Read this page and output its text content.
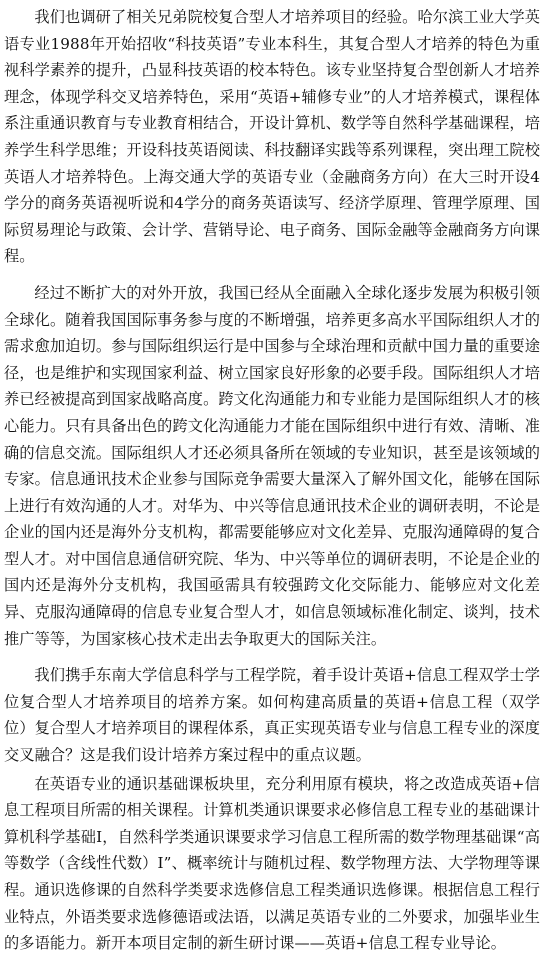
我们也调研了相关兄弟院校复合型人才培养项目的经验。哈尔滨工业大学英语专业1988年开始招收“科技英语”专业本科生，其复合型人才培养的特色为重视科学素养的提升，凸显科技英语的校本特色。该专业坚持复合型创新人才培养理念，体现学科交叉培养特色，采用“英语+辅修专业”的人才培养模式，课程体系注重通识教育与专业教育相结合，开设计算机、数学等自然科学基础课程，培养学生科学思维；开设科技英语阅读、科技翻译实践等系列课程，突出理工院校英语人才培养特色。上海交通大学的英语专业（金融商务方向）在大三时开设4学分的商务英语视听说和4学分的商务英语读写、经济学原理、管理学原理、国际贸易理论与政策、会计学、营销导论、电子商务、国际金融等金融商务方向课程。

经过不断扩大的对外开放，我国已经从全面融入全球化逐步发展为积极引领全球化。随着我国国际事务参与度的不断增强，培养更多高水平国际组织人才的需求愈加迫切。参与国际组织运行是中国参与全球治理和贡献中国力量的重要途径，也是维护和实现国家利益、树立国家良好形象的必要手段。国际组织人才培养已经被提高到国家战略高度。跨文化沟通能力和专业能力是国际组织人才的核心能力。只有具备出色的跨文化沟通能力才能在国际组织中进行有效、清晰、准确的信息交流。国际组织人才还必须具备所在领域的专业知识，甚至是该领域的专家。信息通讯技术企业参与国际竞争需要大量深入了解外国文化，能够在国际上进行有效沟通的人才。对华为、中兴等信息通讯技术企业的调研表明，不论是企业的国内还是海外分支机构，都需要能够应对文化差异、克服沟通障碍的复合型人才。对中国信息通信研究院、华为、中兴等单位的调研表明，不论是企业的国内还是海外分支机构，我国亟需具有较强跨文化交际能力、能够应对文化差异、克服沟通障碍的信息专业复合型人才，如信息领域标准化制定、谈判，技术推广等等，为国家核心技术走出去争取更大的国际关注。

我们携手东南大学信息科学与工程学院，着手设计英语+信息工程双学士学位复合型人才培养项目的培养方案。如何构建高质量的英语+信息工程（双学位）复合型人才培养项目的课程体系，真正实现英语专业与信息工程专业的深度交叉融合？这是我们设计培养方案过程中的重点议题。

在英语专业的通识基础课板块里，充分利用原有模块，将之改造成英语+信息工程项目所需的相关课程。计算机类通识课要求必修信息工程专业的基础课计算机科学基础Ⅰ，自然科学类通识课要求学习信息工程所需的数学物理基础课“高等数学（含线性代数）Ⅰ”、概率统计与随机过程、数学物理方法、大学物理等课程。通识选修课的自然科学类要求选修信息工程类通识选修课。根据信息工程行业特点，外语类要求选修德语或法语，以满足英语专业的二外要求，加强毕业生的多语能力。新开本项目定制的新生研讨课——英语+信息工程专业导论。
